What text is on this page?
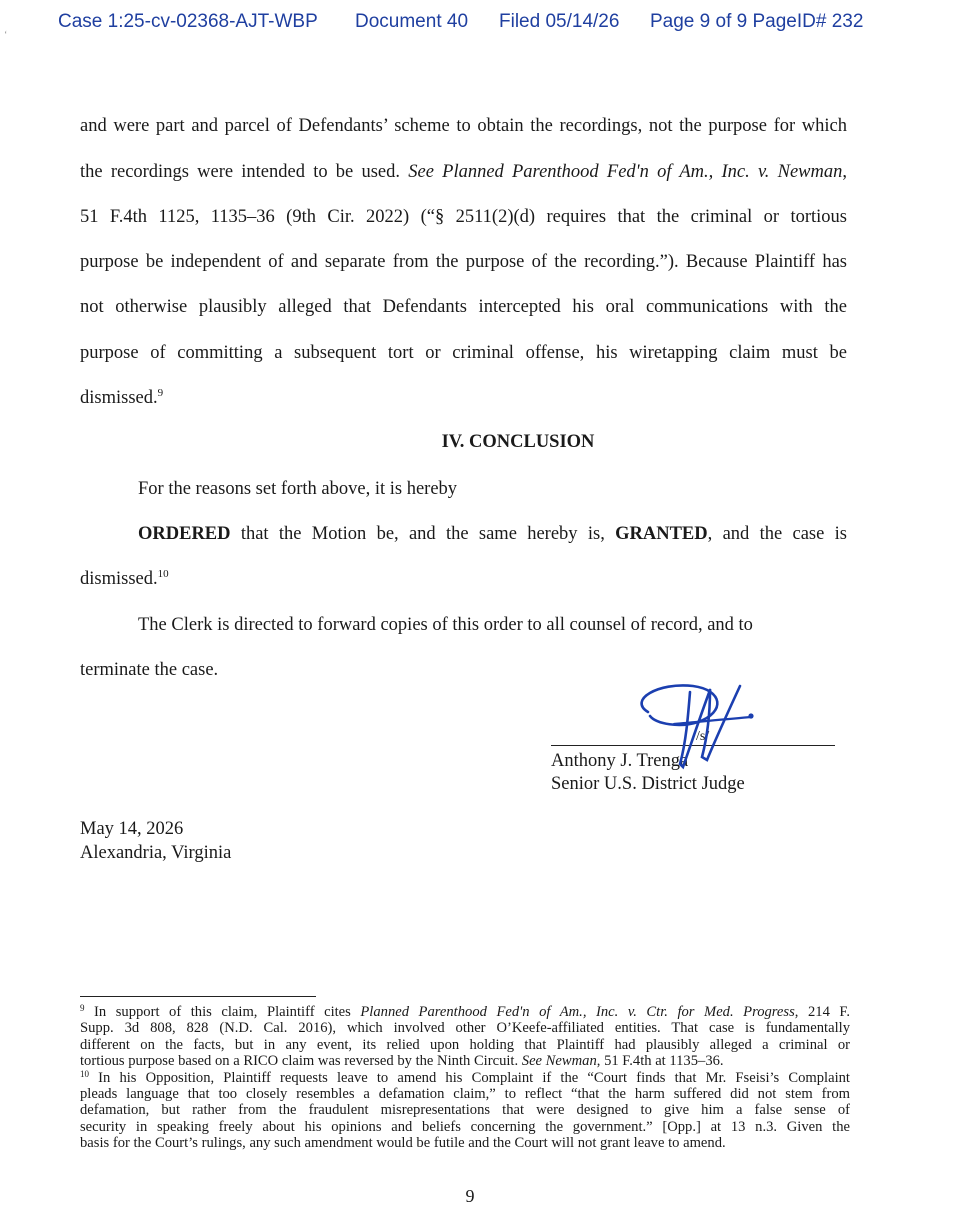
‘
Case 1:25-cv-02368-AJT-WBP Document 40 Filed 05/14/26 Page 9 of 9 PageID# 232
and were part and parcel of Defendants’ scheme to obtain the recordings, not the purpose for which
the recordings were intended to be used. See Planned Parenthood Fed'n of Am., Inc. v. Newman,
51 F.4th 1125, 1135–36 (9th Cir. 2022) (“§ 2511(2)(d) requires that the criminal or tortious
purpose be independent of and separate from the purpose of the recording.”). Because Plaintiff has
not otherwise plausibly alleged that Defendants intercepted his oral communications with the
purpose of committing a subsequent tort or criminal offense, his wiretapping claim must be
dismissed.$^9$
IV. CONCLUSION
For the reasons set forth above, it is hereby
ORDERED that the Motion be, and the same hereby is, GRANTED, and the case is
dismissed.$^{10}$
The Clerk is directed to forward copies of this order to all counsel of record, and to
terminate the case.
/s/
Anthony J. Trenga
Senior U.S. District Judge
May 14, 2026
Alexandria, Virginia
$^9$ In support of this claim, Plaintiff cites Planned Parenthood Fed'n of Am., Inc. v. Ctr. for Med. Progress, 214 F.
Supp. 3d 808, 828 (N.D. Cal. 2016), which involved other O’Keefe-affiliated entities. That case is fundamentally
different on the facts, but in any event, its relied upon holding that Plaintiff had plausibly alleged a criminal or
tortious purpose based on a RICO claim was reversed by the Ninth Circuit. See Newman, 51 F.4th at 1135–36.
$^{10}$ In his Opposition, Plaintiff requests leave to amend his Complaint if the “Court finds that Mr. Fseisi’s Complaint
pleads language that too closely resembles a defamation claim,” to reflect “that the harm suffered did not stem from
defamation, but rather from the fraudulent misrepresentations that were designed to give him a false sense of
security in speaking freely about his opinions and beliefs concerning the government.” [Opp.] at 13 n.3. Given the
basis for the Court’s rulings, any such amendment would be futile and the Court will not grant leave to amend.
9
